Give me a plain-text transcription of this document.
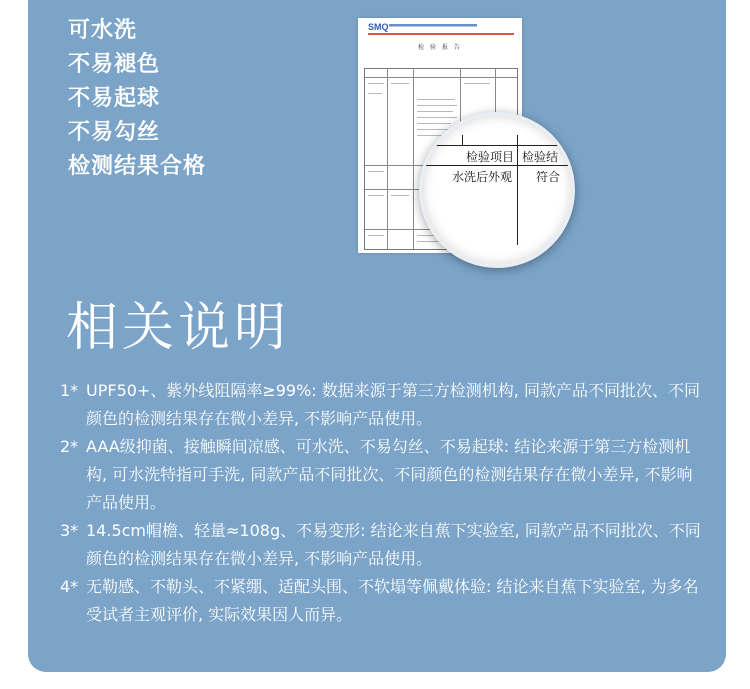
可水洗
不易褪色
不易起球
不易勾丝
检测结果合格
SMQ
检 验 报 告
检验项目 检验结
水洗后外观 符合
相关说明
1* UPF50+、紫外线阻隔率≥99%: 数据来源于第三方检测机构, 同款产品不同批次、不同颜色的检测结果存在微小差异, 不影响产品使用。
2* AAA级抑菌、接触瞬间凉感、可水洗、不易勾丝、不易起球: 结论来源于第三方检测机构, 可水洗特指可手洗, 同款产品不同批次、不同颜色的检测结果存在微小差异, 不影响产品使用。
3* 14.5cm帽檐、轻量≈108g、不易变形: 结论来自蕉下实验室, 同款产品不同批次、不同颜色的检测结果存在微小差异, 不影响产品使用。
4* 无勒感、不勒头、不紧绷、适配头围、不软塌等佩戴体验: 结论来自蕉下实验室, 为多名受试者主观评价, 实际效果因人而异。
